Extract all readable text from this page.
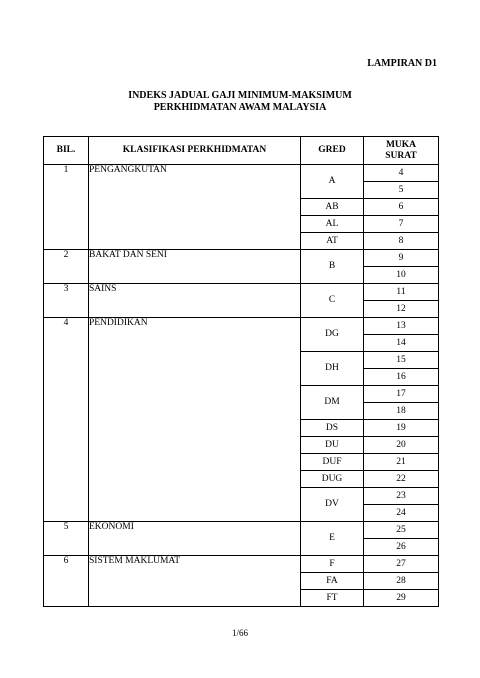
LAMPIRAN D1
INDEKS JADUAL GAJI MINIMUM-MAKSIMUM
PERKHIDMATAN AWAM MALAYSIA
BIL.	KLASIFIKASI PERKHIDMATAN	GRED	MUKA
SURAT
1	PENGANGKUTAN	A	4
			5
		AB	6
		AL	7
		AT	8
2	BAKAT DAN SENI	B	9
			10
3	SAINS	C	11
			12
4	PENDIDIKAN	DG	13
			14
		DH	15
			16
		DM	17
			18
		DS	19
		DU	20
		DUF	21
		DUG	22
		DV	23
			24
5	EKONOMI	E	25
			26
6	SISTEM MAKLUMAT	F	27
		FA	28
		FT	29
1/66
